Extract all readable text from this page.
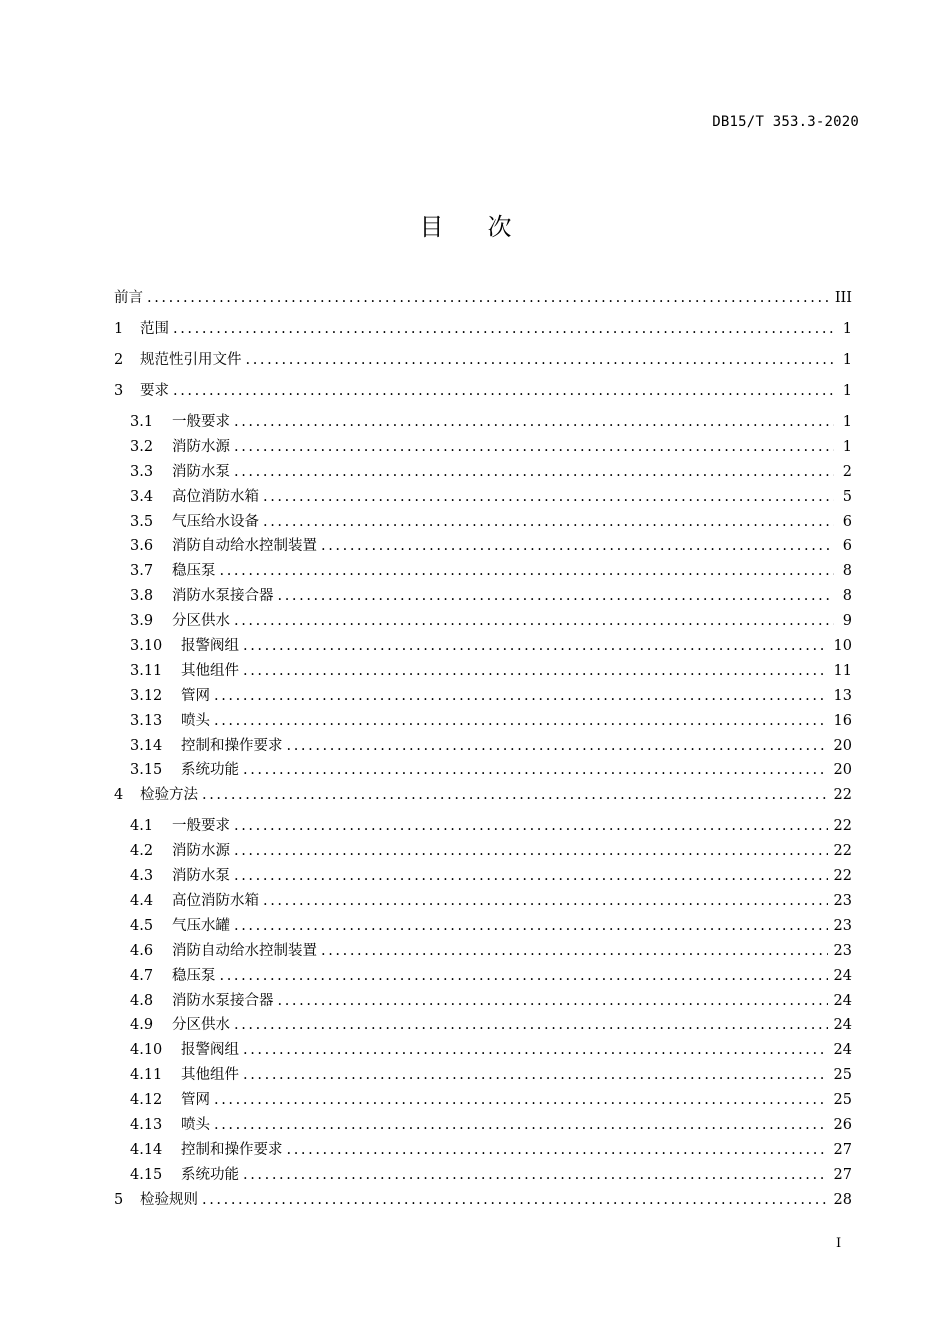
DB15/T 353.3-2020
目次
前言 .....	III
1	范围 .....	1
2	规范性引用文件 .....	1
3	要求 .....	1
3.1	一般要求 .....	1
3.2	消防水源 .....	1
3.3	消防水泵 .....	2
3.4	高位消防水箱 .....	5
3.5	气压给水设备 .....	6
3.6	消防自动给水控制装置 .....	6
3.7	稳压泵 .....	8
3.8	消防水泵接合器 .....	8
3.9	分区供水 .....	9
3.10	报警阀组 .....	10
3.11	其他组件 .....	11
3.12	管网 .....	13
3.13	喷头 .....	16
3.14	控制和操作要求 .....	20
3.15	系统功能 .....	20
4	检验方法 .....	22
4.1	一般要求 .....	22
4.2	消防水源 .....	22
4.3	消防水泵 .....	22
4.4	高位消防水箱 .....	23
4.5	气压水罐 .....	23
4.6	消防自动给水控制装置 .....	23
4.7	稳压泵 .....	24
4.8	消防水泵接合器 .....	24
4.9	分区供水 .....	24
4.10	报警阀组 .....	24
4.11	其他组件 .....	25
4.12	管网 .....	25
4.13	喷头 .....	26
4.14	控制和操作要求 .....	27
4.15	系统功能 .....	27
5	检验规则 .....	28
I
